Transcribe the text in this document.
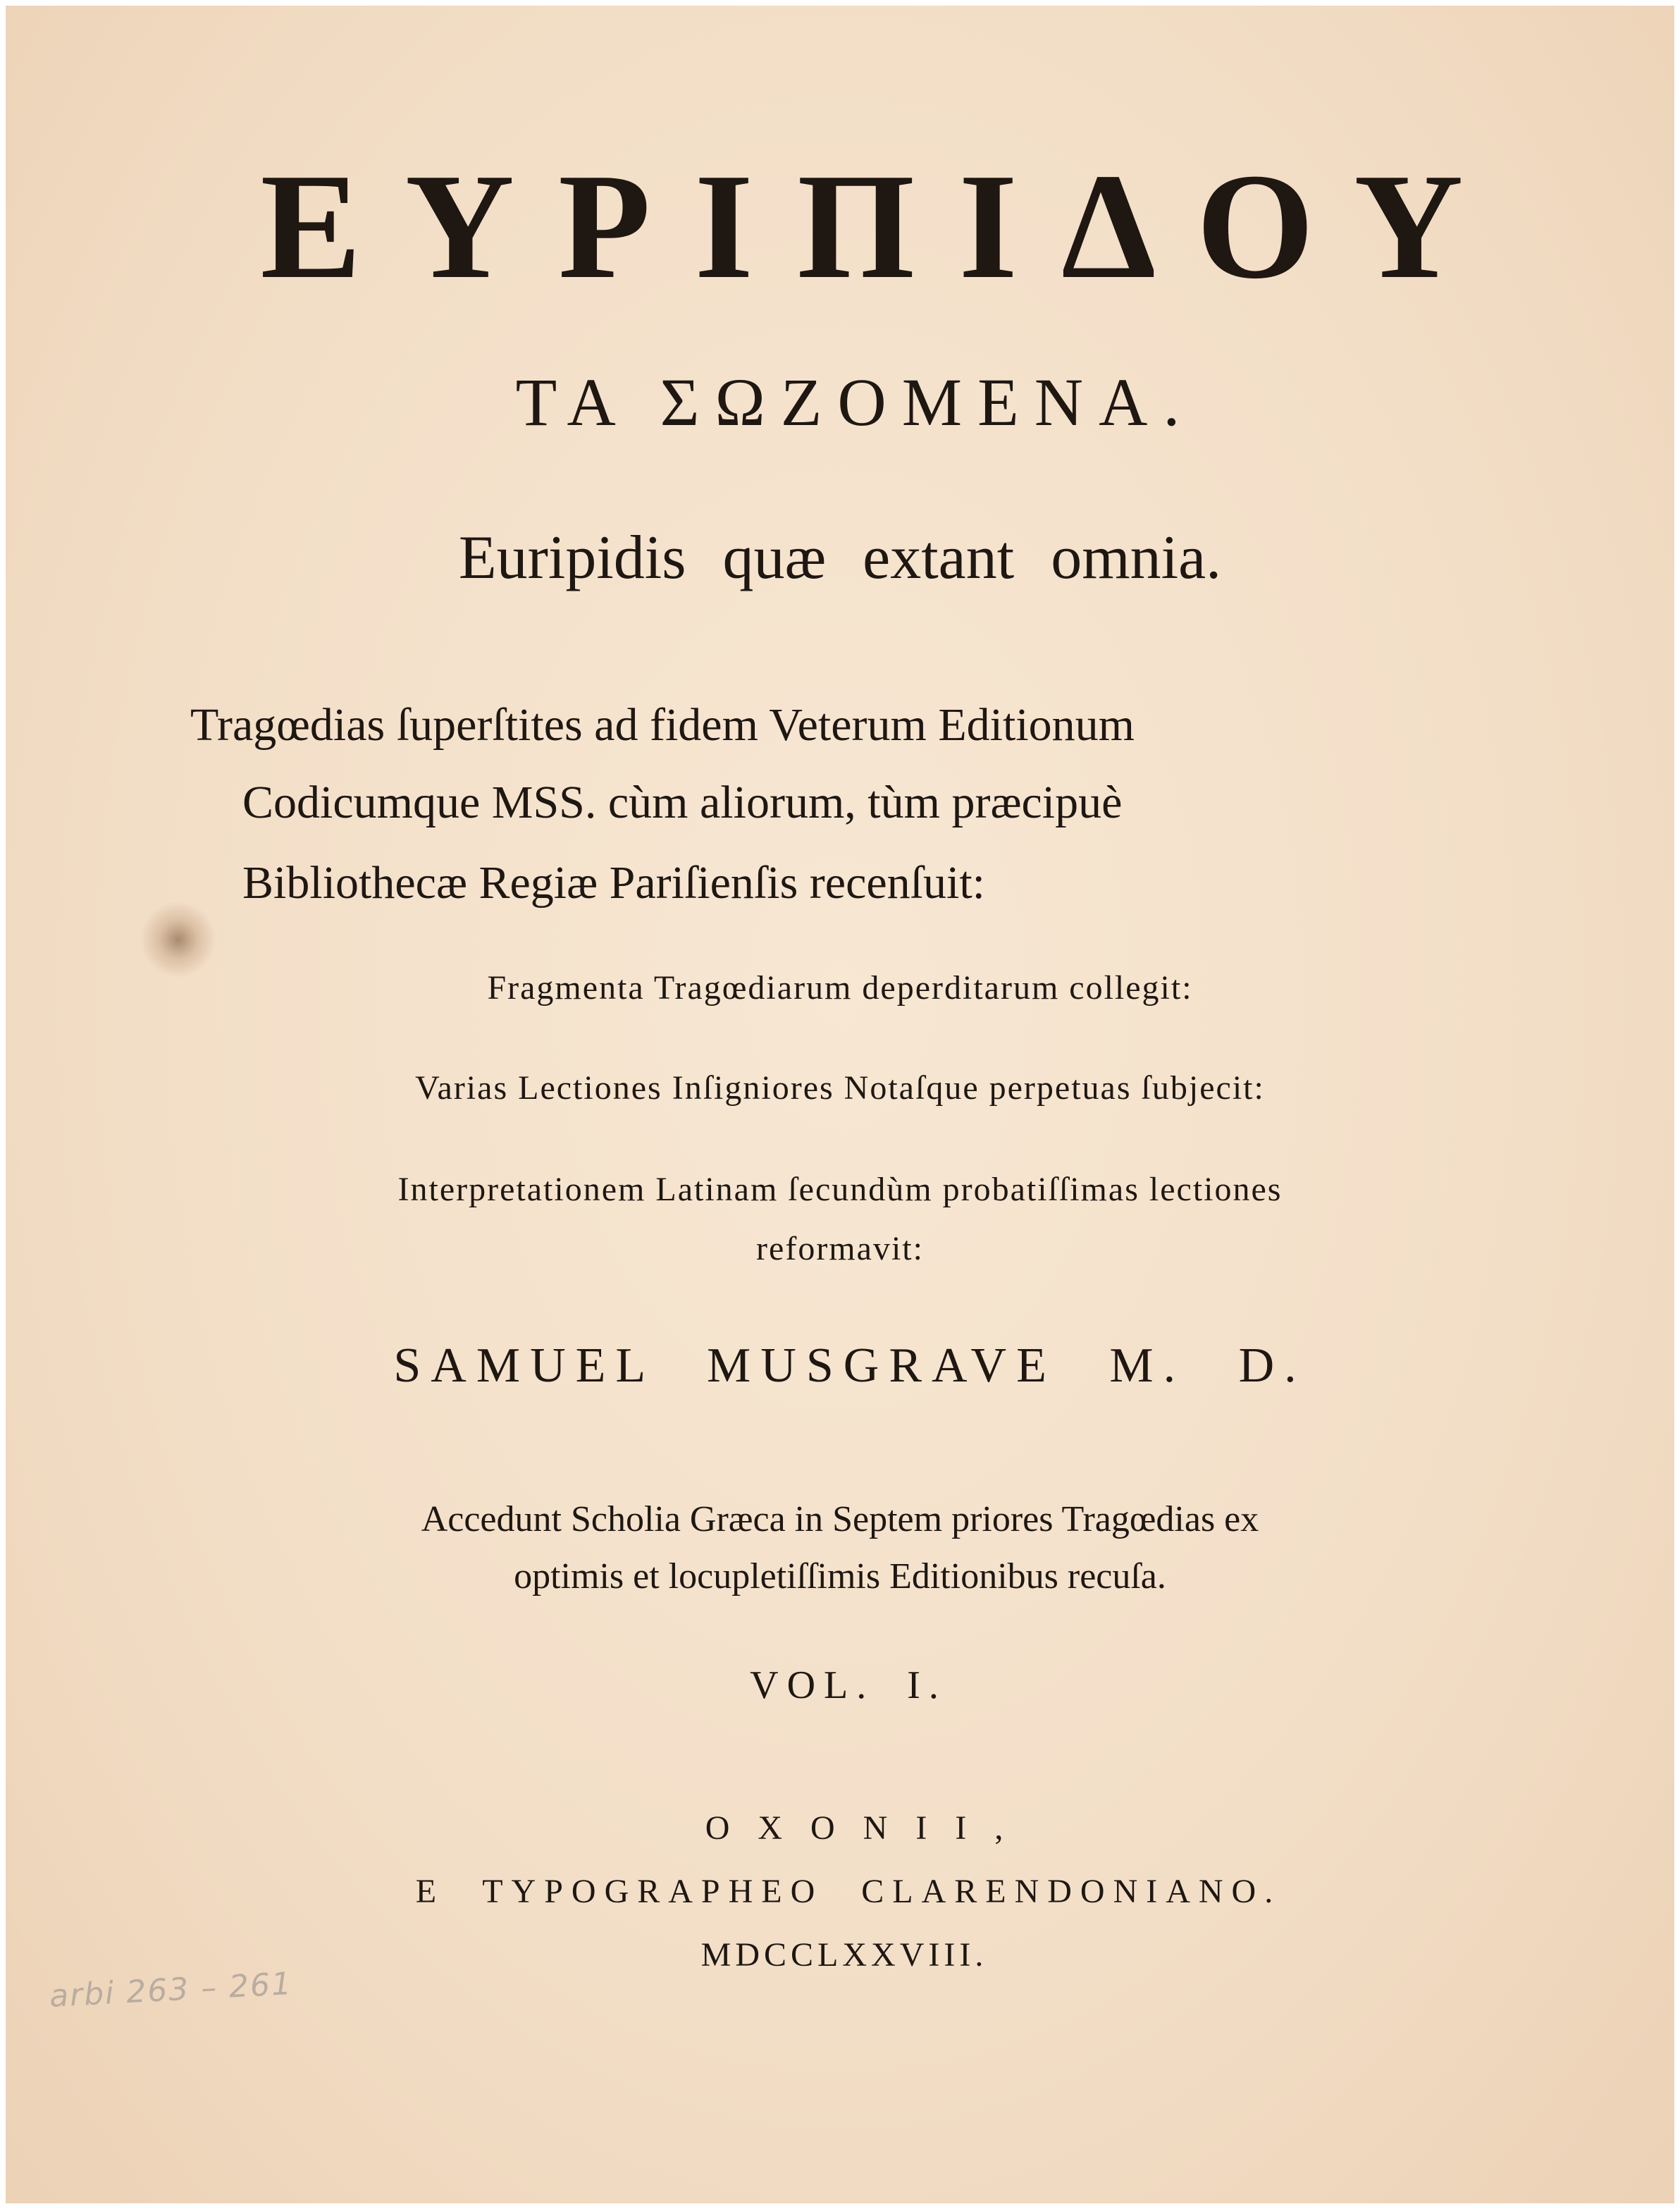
ΕΥΡΙΠΙΔΟΥ
ΤΑ ΣΩΖΟΜΕΝΑ.

Euripidis quæ extant omnia.

Tragœdias ſuperſtites ad fidem Veterum Editionum

Codicumque MSS. cùm aliorum, tùm præcipuè

Bibliothecæ Regiæ Pariſienſis recenſuit:

Fragmenta Tragœdiarum deperditarum collegit:

Varias Lectiones Inſigniores Notaſque perpetuas ſubjecit:

Interpretationem Latinam ſecundùm probatiſſimas lectiones

reformavit:

SAMUEL MUSGRAVE M. D.

Accedunt Scholia Græca in Septem priores Tragœdias ex

optimis et locupletiſſimis Editionibus recuſa.

VOL. I.

OXONII,

E TYPOGRAPHEO CLARENDONIANO.

MDCCLXXVIII.

arbi 263 – 261
